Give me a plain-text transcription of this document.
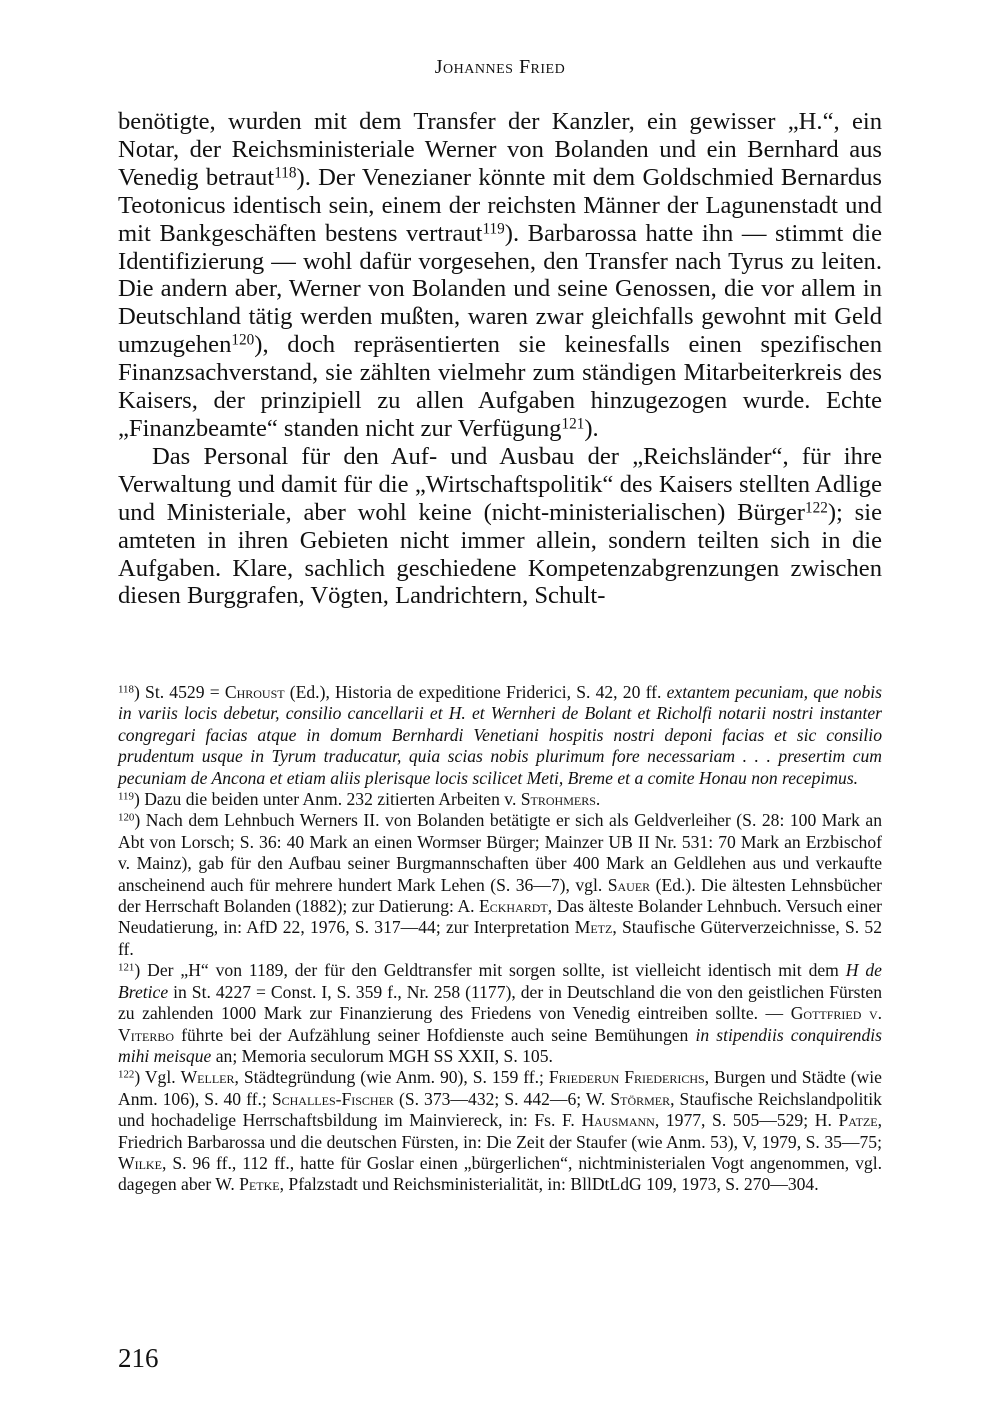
Johannes Fried

benötigte, wurden mit dem Transfer der Kanzler, ein gewisser „H.“, ein Notar, der Reichsministeriale Werner von Bolanden und ein Bernhard aus Venedig betraut$^{118}$). Der Venezianer könnte mit dem Goldschmied Bernardus Teotonicus identisch sein, einem der reichsten Männer der Lagunenstadt und mit Bankgeschäften bestens vertraut$^{119}$). Barbarossa hatte ihn — stimmt die Identifizierung — wohl dafür vorgesehen, den Transfer nach Tyrus zu leiten. Die andern aber, Werner von Bolanden und seine Genossen, die vor allem in Deutschland tätig werden mußten, waren zwar gleichfalls gewohnt mit Geld umzugehen$^{120}$), doch repräsentierten sie keinesfalls einen spezifischen Finanzsachverstand, sie zählten vielmehr zum ständigen Mitarbeiterkreis des Kaisers, der prinzipiell zu allen Aufgaben hinzugezogen wurde. Echte „Finanzbeamte“ standen nicht zur Verfügung$^{121}$).

Das Personal für den Auf- und Ausbau der „Reichsländer“, für ihre Verwaltung und damit für die „Wirtschaftspolitik“ des Kaisers stellten Adlige und Ministeriale, aber wohl keine (nicht-ministerialischen) Bürger$^{122}$); sie amteten in ihren Gebieten nicht immer allein, sondern teilten sich in die Aufgaben. Klare, sachlich geschiedene Kompetenzabgrenzungen zwischen diesen Burggrafen, Vögten, Landrichtern, Schult-

$^{118}$) St. 4529 = Chroust (Ed.), Historia de expeditione Friderici, S. 42, 20 ff. extantem pecuniam, que nobis in variis locis debetur, consilio cancellarii et H. et Wernheri de Bolant et Richolfi notarii nostri instanter congregari facias atque in domum Bernhardi Venetiani hospitis nostri deponi facias et sic consilio prudentum usque in Tyrum traducatur, quia scias nobis plurimum fore necessariam . . . presertim cum pecuniam de Ancona et etiam aliis plerisque locis scilicet Meti, Breme et a comite Honau non recepimus.

$^{119}$) Dazu die beiden unter Anm. 232 zitierten Arbeiten v. Strohmers.

$^{120}$) Nach dem Lehnbuch Werners II. von Bolanden betätigte er sich als Geldverleiher (S. 28: 100 Mark an Abt von Lorsch; S. 36: 40 Mark an einen Wormser Bürger; Mainzer UB II Nr. 531: 70 Mark an Erzbischof v. Mainz), gab für den Aufbau seiner Burgmannschaften über 400 Mark an Geldlehen aus und verkaufte anscheinend auch für mehrere hundert Mark Lehen (S. 36—7), vgl. Sauer (Ed.). Die ältesten Lehnsbücher der Herrschaft Bolanden (1882); zur Datierung: A. Eckhardt, Das älteste Bolander Lehnbuch. Versuch einer Neudatierung, in: AfD 22, 1976, S. 317—44; zur Interpretation Metz, Staufische Güterverzeichnisse, S. 52 ff.

$^{121}$) Der „H“ von 1189, der für den Geldtransfer mit sorgen sollte, ist vielleicht identisch mit dem H de Bretice in St. 4227 = Const. I, S. 359 f., Nr. 258 (1177), der in Deutschland die von den geistlichen Fürsten zu zahlenden 1000 Mark zur Finanzierung des Friedens von Venedig eintreiben sollte. — Gottfried v. Viterbo führte bei der Aufzählung seiner Hofdienste auch seine Bemühungen in stipendiis conquirendis mihi meisque an; Memoria seculorum MGH SS XXII, S. 105.

$^{122}$) Vgl. Weller, Städtegründung (wie Anm. 90), S. 159 ff.; Friederun Friederichs, Burgen und Städte (wie Anm. 106), S. 40 ff.; Schalles-Fischer (S. 373—432; S. 442—6; W. Störmer, Staufische Reichslandpolitik und hochadelige Herrschaftsbildung im Mainviereck, in: Fs. F. Hausmann, 1977, S. 505—529; H. Patze, Friedrich Barbarossa und die deutschen Fürsten, in: Die Zeit der Staufer (wie Anm. 53), V, 1979, S. 35—75; Wilke, S. 96 ff., 112 ff., hatte für Goslar einen „bürgerlichen“, nichtministerialen Vogt angenommen, vgl. dagegen aber W. Petke, Pfalzstadt und Reichsministerialität, in: BllDtLdG 109, 1973, S. 270—304.

216
